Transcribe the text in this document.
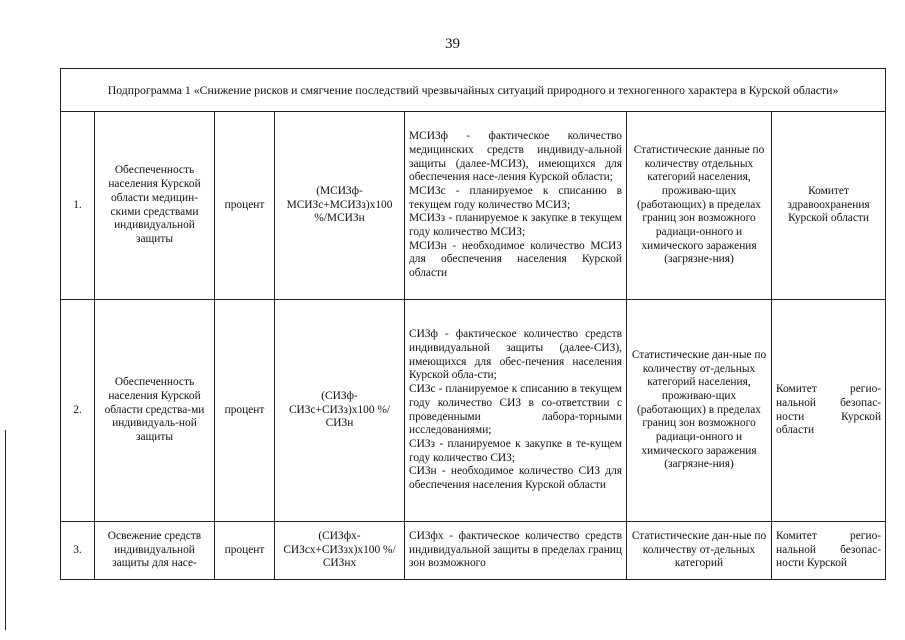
39
Подпрограмма 1 «Снижение рисков и смягчение последствий чрезвычайных ситуаций природного и техногенного характера в Курской области»						
1.	Обеспеченность населения Курской области медицин-скими средствами индивидуальной защиты	процент	(МСИЗф-МСИЗс+МСИЗз)х100 %/МСИЗн	МСИЗф - фактическое количество медицинских средств индивиду-альной защиты (далее-МСИЗ), имеющихся для обеспечения насе-ления Курской области;
МСИЗс - планируемое к списанию в текущем году количество МСИЗ;
МСИЗз - планируемое к закупке в текущем году количество МСИЗ;
МСИЗн - необходимое количество МСИЗ для обеспечения населения Курской области	Статистические данные по количеству отдельных категорий населения, проживаю-щих (работающих) в пределах границ зон возможного радиаци-онного и химического заражения (загрязне-ния)	Комитет здравоохранения Курской области
2.	Обеспеченность населения Курской области средства-ми индивидуаль-ной защиты	процент	(СИЗф-СИЗс+СИЗз)х100 %/СИЗн	СИЗф - фактическое количество средств индивидуальной защиты (далее-СИЗ), имеющихся для обес-печения населения Курской обла-сти;
СИЗс - планируемое к списанию в текущем году количество СИЗ в со-ответствии с проведенными лабора-торными исследованиями;
СИЗз - планируемое к закупке в те-кущем году количество СИЗ;
СИЗн - необходимое количество СИЗ для обеспечения населения Курской области	Статистические дан-ные по количеству от-дельных категорий населения, проживаю-щих (работающих) в пределах границ зон возможного радиаци-онного и химического заражения (загрязне-ния)	Комитет регио-нальной безопас-ности Курской области
3.	Освежение средств индивидуальной защиты для насе-	процент	(СИЗфх-СИЗсх+СИЗзх)х100 %/СИЗнх	СИЗфх - фактическое количество средств индивидуальной защиты в пределах границ зон возможного	Статистические дан-ные по количеству от-дельных категорий	Комитет регио-нальной безопас-ности Курской
